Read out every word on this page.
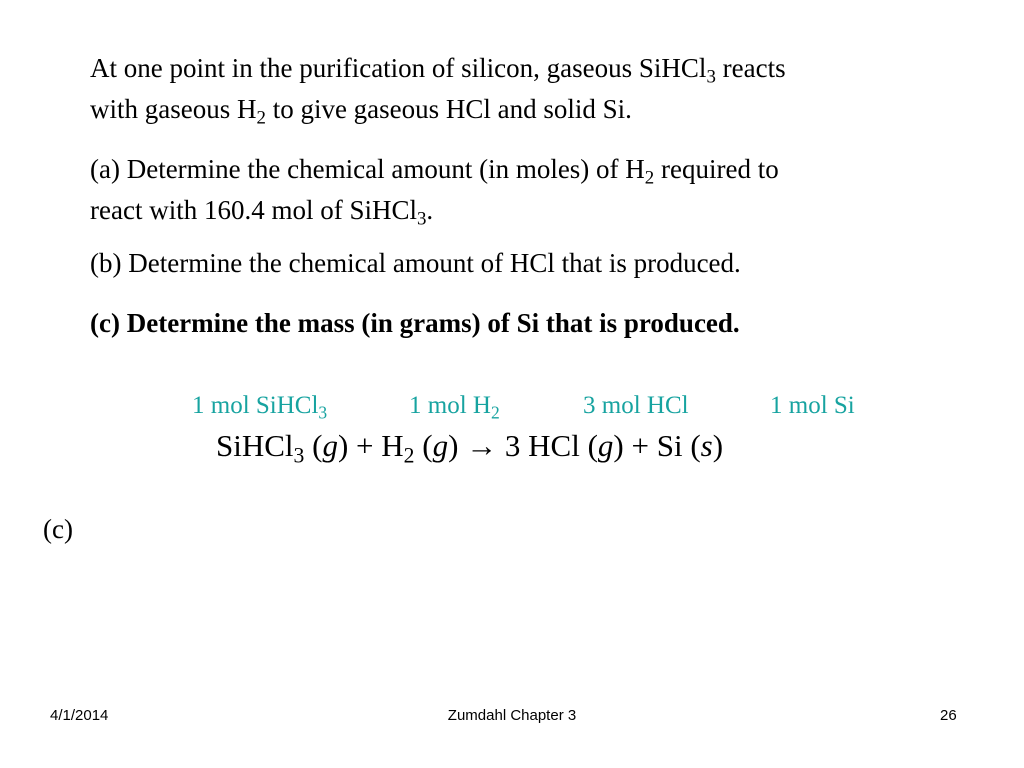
At one point in the purification of silicon, gaseous SiHCl$_3$ reacts
with gaseous $H_2$ to give gaseous HCl and solid Si.
(a) Determine the chemical amount (in moles) of $H_2$ required to
react with 160.4 mol of SiHCl$_3$.
(b) Determine the chemical amount of HCl that is produced.
(c) Determine the mass (in grams) of Si that is produced.
1 mol SiHCl$_3$	1 mol $H_2$	3 mol HCl	1 mol Si
SiHCl$_3$ $(g) + H_2$ (g) → 3 HCl (g) + Si (s)
(c)
4/1/2014	Zumdahl Chapter 3	26
